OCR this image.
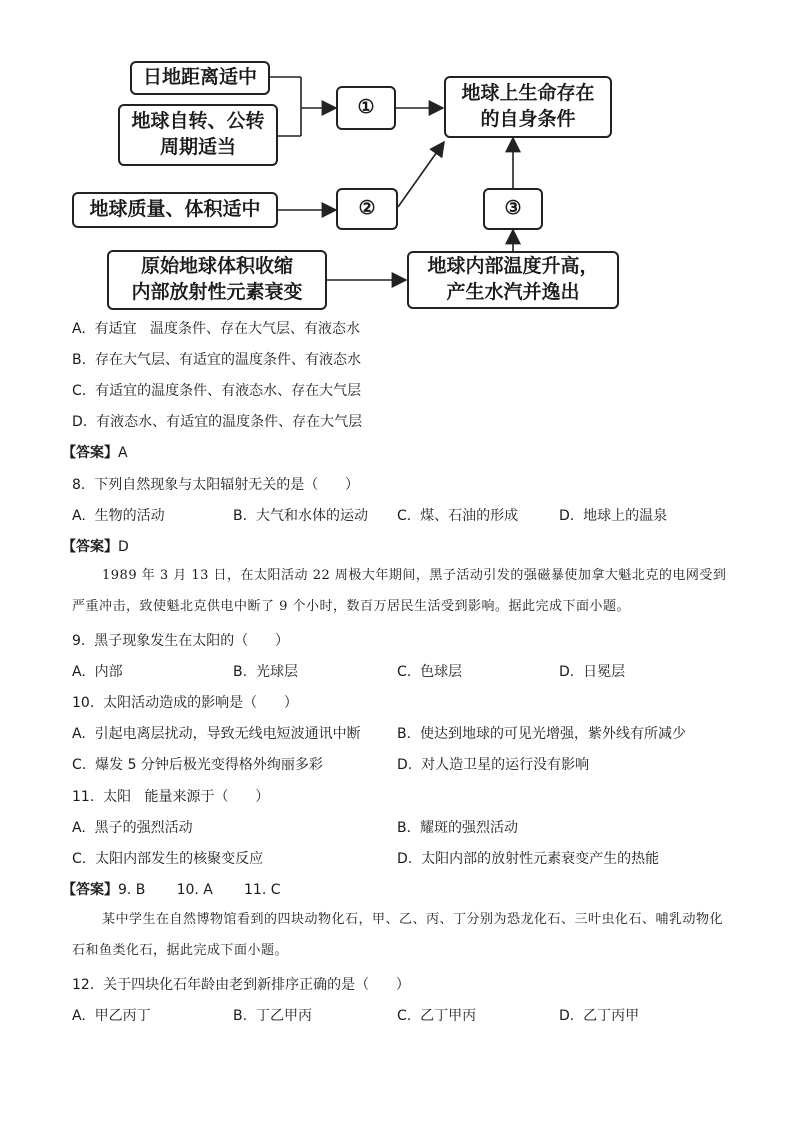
日地距离适中
地球自转、公转
周期适当
①
地球上生命存在
的自身条件
地球质量、体积适中	②	③
原始地球体积收缩
内部放射性元素衰变
地球内部温度升高，
产生水汽并逸出
A.  有适宜   温度条件、存在大气层、有液态水
B.  存在大气层、有适宜的温度条件、有液态水
C.  有适宜的温度条件、有液态水、存在大气层
D.  有液态水、有适宜的温度条件、存在大气层
【答案】A
8.  下列自然现象与太阳辐射无关的是（      ）
A.  生物的活动	B.  大气和水体的运动 C.  煤、石油的形成	D.  地球上的温泉
【答案】D
1989 年 3 月 13 日，在太阳活动 22 周极大年期间，黑子活动引发的强磁暴使加拿大魁北克的电网受到严重冲击，致使魁北克供电中断了 9 个小时，数百万居民生活受到影响。据此完成下面小题。
9.  黑子现象发生在太阳的（      ）
A.  内部	B.  光球层	C.  色球层	D.  日冕层
10.  太阳活动造成的影响是（      ）
A.  引起电离层扰动，导致无线电短波通讯中断	B.  使达到地球的可见光增强，紫外线有所减少
C.  爆发 5 分钟后极光变得格外绚丽多彩	D.  对人造卫星的运行没有影响
11.  太阳   能量来源于（      ）
A.  黑子的强烈活动	B.  耀斑的强烈活动
C.  太阳内部发生的核聚变反应	D.  太阳内部的放射性元素衰变产生的热能
【答案】9. B       10. A       11. C
某中学生在自然博物馆看到的四块动物化石，甲、乙、丙、丁分别为恐龙化石、三叶虫化石、哺乳动物化石和鱼类化石，据此完成下面小题。
12.  关于四块化石年龄由老到新排序正确的是（      ）
A.  甲乙丙丁	B.  丁乙甲丙	C.  乙丁甲丙	D.  乙丁丙甲
